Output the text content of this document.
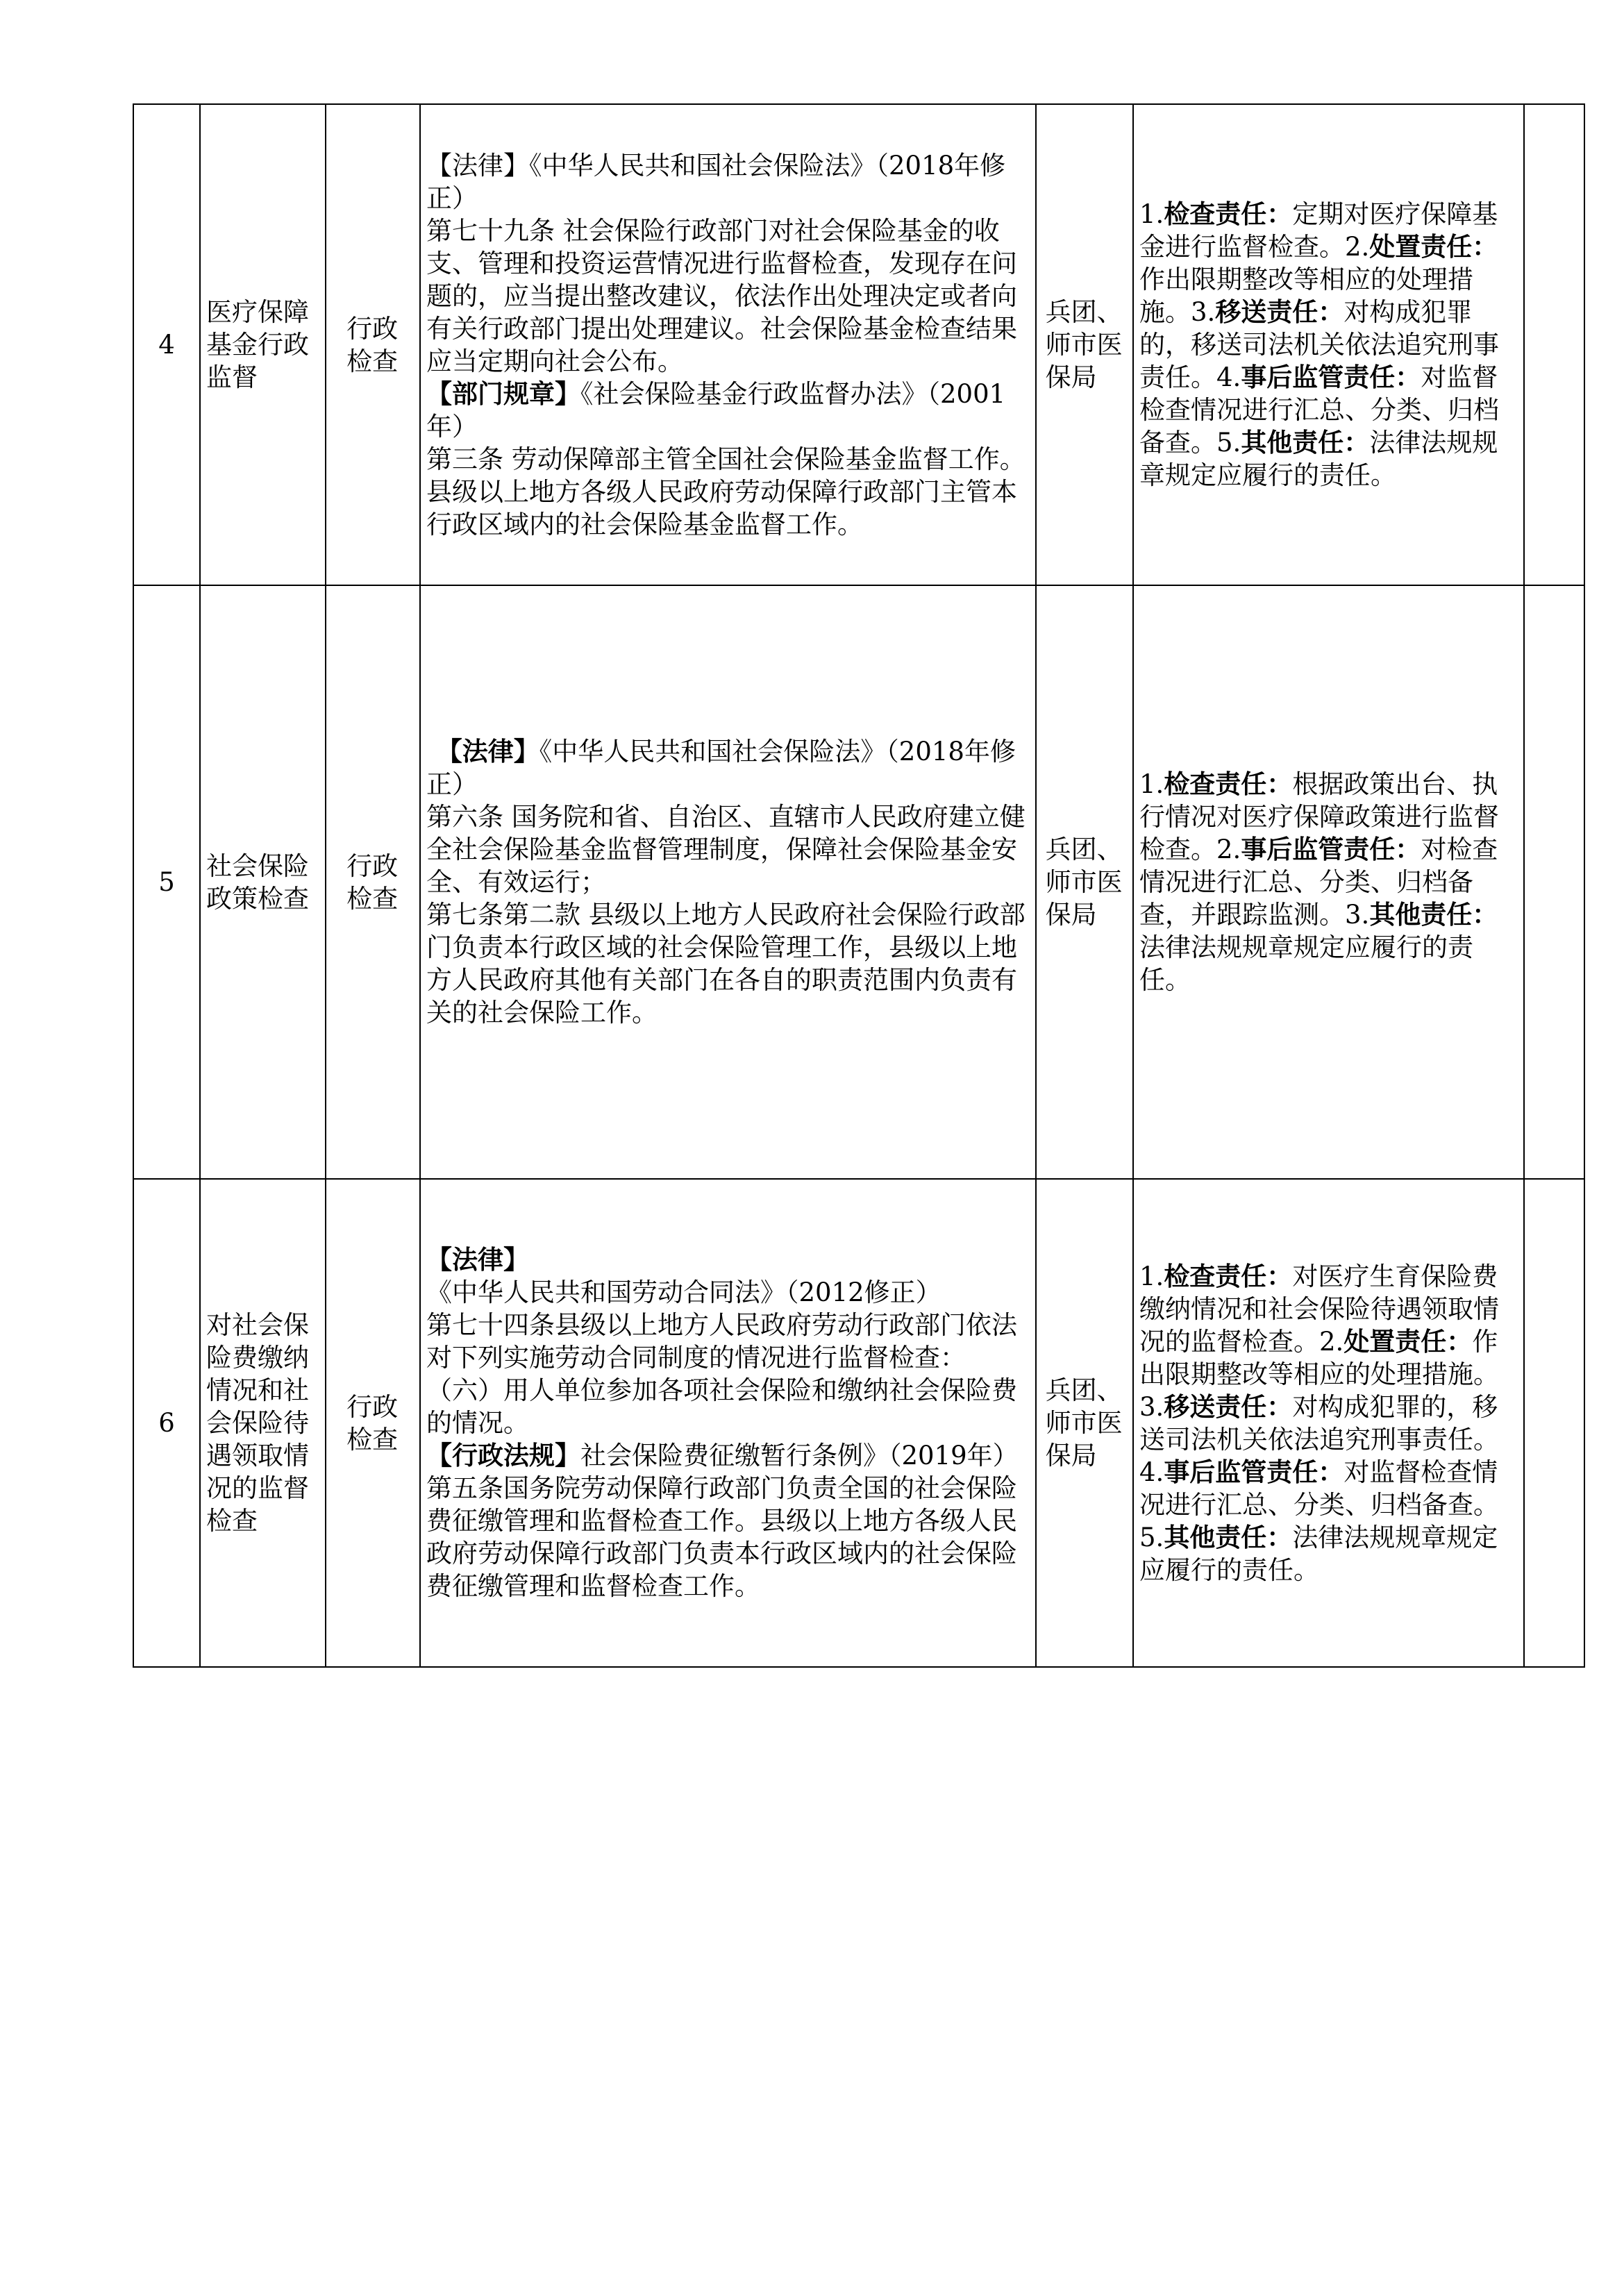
4	医疗保障基金行政监督	行政检查	【法律】《中华人民共和国社会保险法》（2018年修正）

第七十九条 社会保险行政部门对社会保险基金的收支、管理和投资运营情况进行监督检查，发现存在问题的，应当提出整改建议，依法作出处理决定或者向有关行政部门提出处理建议。社会保险基金检查结果应当定期向社会公布。

【部门规章】《社会保险基金行政监督办法》（2001年）

第三条 劳动保障部主管全国社会保险基金监督工作。县级以上地方各级人民政府劳动保障行政部门主管本行政区域内的社会保险基金监督工作。	兵团、师市医保局	1.检查责任：定期对医疗保障基金进行监督检查。2.处置责任：作出限期整改等相应的处理措施。3.移送责任：对构成犯罪的，移送司法机关依法追究刑事责任。4.事后监管责任：对监督检查情况进行汇总、分类、归档备查。5.其他责任：法律法规规章规定应履行的责任。	

5	社会保险政策检查	行政检查	【法律】《中华人民共和国社会保险法》（2018年修正）

第六条 国务院和省、自治区、直辖市人民政府建立健全社会保险基金监督管理制度，保障社会保险基金安全、有效运行；

第七条第二款 县级以上地方人民政府社会保险行政部门负责本行政区域的社会保险管理工作，县级以上地方人民政府其他有关部门在各自的职责范围内负责有关的社会保险工作。	兵团、师市医保局	1.检查责任：根据政策出台、执行情况对医疗保障政策进行监督检查。2.事后监管责任：对检查情况进行汇总、分类、归档备查，并跟踪监测。3.其他责任：法律法规规章规定应履行的责任。	

6	对社会保险费缴纳情况和社会保险待遇领取情况的监督检查	行政检查	【法律】《中华人民共和国劳动合同法》（2012修正）

第七十四条县级以上地方人民政府劳动行政部门依法对下列实施劳动合同制度的情况进行监督检查：

（六）用人单位参加各项社会保险和缴纳社会保险费的情况。

【行政法规】社会保险费征缴暂行条例》（2019年）

第五条国务院劳动保障行政部门负责全国的社会保险费征缴管理和监督检查工作。县级以上地方各级人民政府劳动保障行政部门负责本行政区域内的社会保险费征缴管理和监督检查工作。	兵团、师市医保局	1.检查责任：对医疗生育保险费缴纳情况和社会保险待遇领取情况的监督检查。2.处置责任：作出限期整改等相应的处理措施。3.移送责任：对构成犯罪的，移送司法机关依法追究刑事责任。4.事后监管责任：对监督检查情况进行汇总、分类、归档备查。5.其他责任：法律法规规章规定应履行的责任。	
